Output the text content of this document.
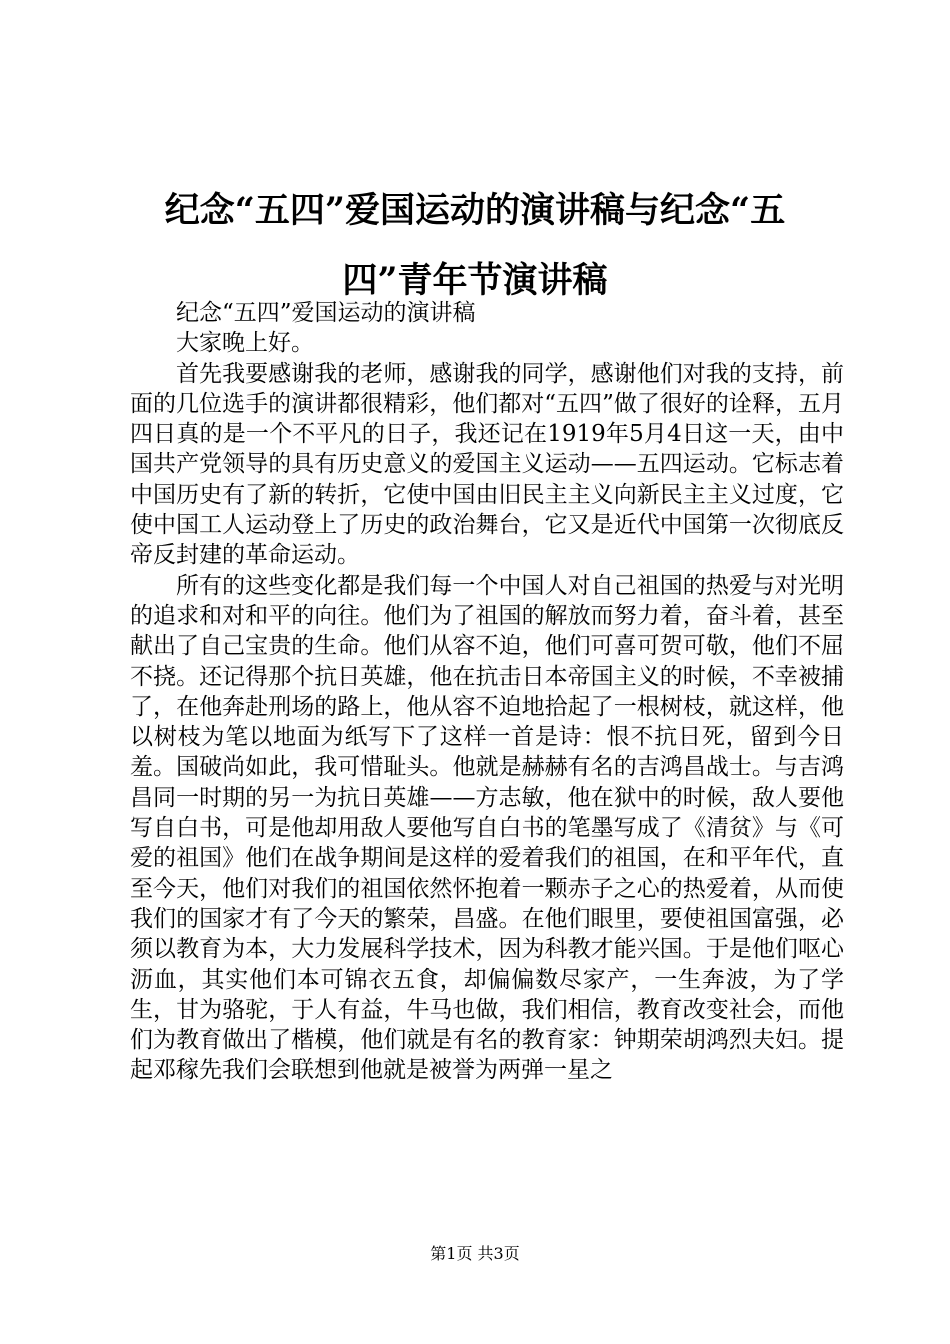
纪念“五四”爱国运动的演讲稿与纪念“五
四”青年节演讲稿

纪念“五四”爱国运动的演讲稿

大家晚上好。

首先我要感谢我的老师，感谢我的同学，感谢他们对我的支持，前面的几位选手的演讲都很精彩，他们都对“五四”做了很好的诠释，五月四日真的是一个不平凡的日子，我还记在1919年5月4日这一天，由中国共产党领导的具有历史意义的爱国主义运动——五四运动。它标志着中国历史有了新的转折，它使中国由旧民主主义向新民主主义过度，它使中国工人运动登上了历史的政治舞台，它又是近代中国第一次彻底反帝反封建的革命运动。

所有的这些变化都是我们每一个中国人对自己祖国的热爱与对光明的追求和对和平的向往。他们为了祖国的解放而努力着，奋斗着，甚至献出了自己宝贵的生命。他们从容不迫，他们可喜可贺可敬，他们不屈不挠。还记得那个抗日英雄，他在抗击日本帝国主义的时候，不幸被捕了，在他奔赴刑场的路上，他从容不迫地拾起了一根树枝，就这样，他以树枝为笔以地面为纸写下了这样一首是诗：恨不抗日死，留到今日羞。国破尚如此，我可惜耻头。他就是赫赫有名的吉鸿昌战士。与吉鸿昌同一时期的另一为抗日英雄——方志敏，他在狱中的时候，敌人要他写自白书，可是他却用敌人要他写自白书的笔墨写成了《清贫》与《可爱的祖国》他们在战争期间是这样的爱着我们的祖国，在和平年代，直至今天，他们对我们的祖国依然怀抱着一颗赤子之心的热爱着，从而使我们的国家才有了今天的繁荣，昌盛。在他们眼里，要使祖国富强，必须以教育为本，大力发展科学技术，因为科教才能兴国。于是他们呕心沥血，其实他们本可锦衣五食，却偏偏数尽家产，一生奔波，为了学生，甘为骆驼，于人有益，牛马也做，我们相信，教育改变社会，而他们为教育做出了楷模，他们就是有名的教育家：钟期荣胡鸿烈夫妇。提起邓稼先我们会联想到他就是被誉为两弹一星之

第1页 共3页
